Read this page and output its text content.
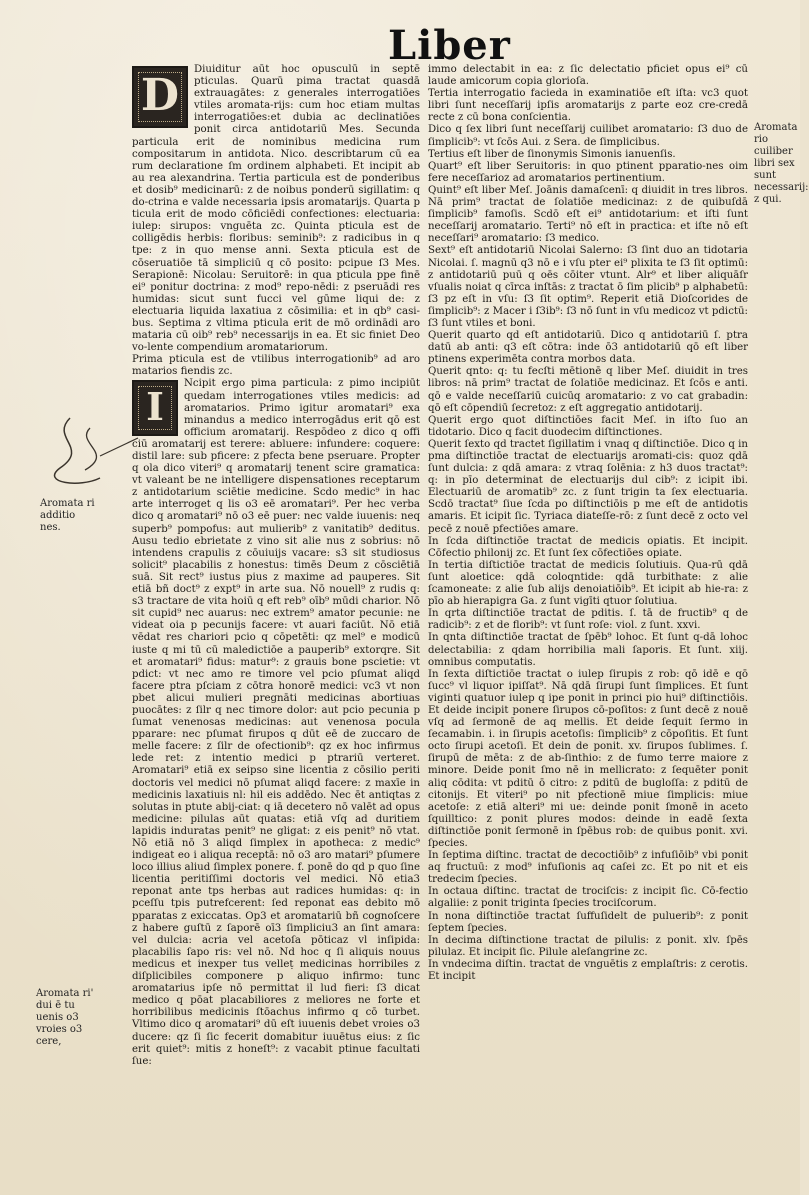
Liber
Aromata rio cuiliber libri sex sunt necessarij: z qui.
Aromata ri additio nes.
Aromata ri' dui ē tu uenis o3 vroies o3 cere,
D

Diuiditur aūt hoc opusculū in septē pticulas. Quarū pima tractat quasdā extrauagātes: z generales interrogatiōes vtiles aromata-rijs: cum hoc etiam multas interrogatiōes:et dubia ac declinatiōes ponit circa antidotariū Mes. Secunda particula erit de nominibus medicina rum compositarum in antidota. Nico. describtarum cū ea rum declaratione ſm ordinem alphabeti. Et incipit ab au rea alexandrina. Tertia particula est de ponderibus et dosib⁹ medicinarū: z de noibus ponderū sigillatim: q do-ctrina e valde necessaria ipsis aromatarijs. Quarta p ticula erit de modo cōficiēdi confectiones: electuaria: iulep: sirupos: vnguēta zc. Quinta pticula est de colligēdis herbis: floribus: seminib⁹: z radicibus in q tpe: z in quo mense anni. Sexta pticula est de cōseruatiōe tā simpliciū q cō posito: pcipue ſ3 Mes. Serapionē: Nicolau: Seruitorē: in qua pticula ppe finē ei⁹ ponitur doctrina: z mod⁹ repo-nēdi: z pseruādi res humidas: sicut sunt fucci vel gūme liqui de: z electuaria liquida laxatiua z cōsimilia: et in qb⁹ casi-bus. Septima z vltima pticula erit de mō ordinādi aro mataria cū oib⁹ reb⁹ necessarijs in ea. Et sic finiet Deo vo-lente compendium aromatariorum.

Prima pticula est de vtilibus interrogationib⁹ ad aro matarios fiendis zc.

I

Ncipit ergo pima particula: z pimo incipiūt quedam interrogationes vtiles medicis: ad aromatarios. Primo igitur aromatari⁹ exa minandus a medico interrogādus erit qō est officium aromatarij. Respōdeo z dico q offi ciū aromatarij est terere: abluere: infundere: coquere: distil lare: sub pficere: z pfecta bene pseruare. Propter q ola dico viteri⁹ q aromatarij tenent scire gramatica: vt valeant be ne intelligere dispensationes receptarum z antidotarium sciētie medicine. Scdo medic⁹ in hac arte interroget q lis o3 eē aromatari⁹. Per hec verba dico q aromatari⁹ nō o3 eē puer: nec valde iuuenis: neq superb⁹ pompofus: aut mulierib⁹ z vanitatib⁹ deditus. Ausu tedio ebrietate z vino sit alie nus z sobrius: nō intendens crapulis z cōuiuijs vacare: s3 sit studiosus solicit⁹ placabilis z honestus: timēs Deum z cōsciētiā suā. Sit rect⁹ iustus pius z maxime ad pauperes. Sit etiā bñ doct⁹ z expt⁹ in arte sua. Nō nouell⁹ z rudis q: s3 tractare de vita hoiū q eft reb⁹ oīb⁹ mūdi charior. Nō sit cupid⁹ nec auarus: nec extrem⁹ amator pecunie: ne videat oia p pecunijs facere: vt auari faciūt. Nō etiā vēdat res chariori pcio q cōpetēti: qz mel⁹ e modicū iuste q mi tū cū maledictiōe a pauperib⁹ extorqre. Sit et aromatari⁹ fidus: matur⁹: z grauis bone pscietie: vt pdict: vt nec amo re timore vel pcio pſumat aliqd facere ptra pſciam z cōtra honorē medici: vc3 vt non pbet alicui mulieri pregnāti medicinas abortiuas puocātes: z ſilr q nec timore dolor: aut pcio pecunia p ſumat venenosas medicinas: aut venenosa pocula pparare: nec pſumat firupos q dūt eē de zuccaro de melle facere: z ſilr de ofectionib⁹: qz ex hoc infirmus lede ret: z intentio medici p ptrariū verteret. Aromatari⁹ etiā ex seipso sine licentia z cōsilio periti doctoris vel medici nō pſumat aliqd facere: z maxīe in medicinis laxatiuis nl: hil eis addēdo. Nec ēt antiqtas z solutas in ptute abij-ciat: q iā decetero nō valēt ad opus medicine: pilulas aūt quatas: etiā vſq ad duritiem lapidis induratas penit⁹ ne gligat: z eis penit⁹ nō vtat. Nō etiā nō 3 aliqd ſimplex in apotheca: z medic⁹ indigeat eo i aliqua receptā: nō o3 aro matari⁹ pſumere loco illius aliud ſimplex ponere. f. ponē do qd p quo ſine licentia peritiſſimi doctoris vel medici. Nō etia3 reponat ante tps herbas aut radices humidas: q: in pceſſu tpis putrefcerent: ſed reponat eas debito mō pparatas z exiccatas. Op3 et aromatariū bñ cognoſcere z habere guſtū z ſaporē oī3 ſimpliciu3 an ſint amara: vel dulcia: acria vel acetoſa pōticaz vl inſipida: placabilis ſapo ris: vel nō. Nd hoc q ſi aliquis nouus medicus et inexper tus velleṭ medicinas horribiles z diſplicibiles componere p aliquo infirmo: tunc aromatarius ipſe nō permittat il lud fieri: ſ3 dicat medico q pōat placabiliores z meliores ne forte et horribilibus medicinis ſtōachus infirmo q cō turbet. Vltimo dico q aromatari⁹ dū eſt iuuenis debet vroies o3 ducere: qz ſi ſic fecerit domabitur iuuētus eius: z ſic erit quiet⁹: mitis z honeſt⁹: z vacabit ptinue facultati ſue:

immo delectabit in ea: z ſic delectatio pficiet opus ei⁹ cū laude amicorum copia glorioſa.

Tertia interrogatio facieda in examinatiōe eſt iſta: vc3 quot libri ſunt neceſſarij ipſis aromatarijs z parte eoz cre-credā recte z cū bona conſcientia.

Dico q ſex libri ſunt neceſſarij cuilibet aromatario: ſ3 duo de ſimplicib⁹: vt ſcōs Aui. z Sera. de ſimplicibus.

Tertius eſt liber de ſinonymis Simonis ianuenſis.

Quart⁹ eſt liber Seruitoris: in quo ptinent pparatio-nes oim fere neceſſarioz ad aromatarios pertinentium.

Quint⁹ eſt liber Meſ. Joānis damaſcenī: q diuidit in tres libros. Nā prim⁹ tractat de ſolatiōe medicinaz: z de quibuſdā ſimplicib⁹ famoſis. Scdō eſt ei⁹ antidotarium: et iſti ſunt neceſſarij aromatario. Terti⁹ nō eſt in practica: et iſte nō eſt neceſſari⁹ aromatario: ſ3 medico.

Sext⁹ eſt antidotariū Nicolai Salerno: ſ3 ſint duo an tidotaria Nicolai. ſ. magnū q3 nō e i vſu pter ei⁹ plixita te ſ3 ſit optimū: z antidotariū puū q oēs cōiter vtunt. Alr⁹ et liber aliquāſr vſualis noiat q cīrca inſtās: z tractat ō ſim plicib⁹ p alphabetū: ſ3 pz eſt in vſu: ſ3 ſit optim⁹. Reperit etiā Dioſcorides de ſimplicib⁹: z Macer i ſ3ib⁹: ſ3 nō ſunt in vſu medicoz vt pdictū: ſ3 ſunt vtiles et boni.

Querit quarto qd eſt antidotariū. Dico q antidotariū ſ. ptra datū ab anti: q3 eſt cōtra: inde ō3 antidotariū qō eſt liber ptinens experimēta contra morbos data.

Querit qnto: q: tu fecſti mētionē q liber Meſ. diuidit in tres libros: nā prim⁹ tractat de ſolatiōe medicinaz. Et ſcōs e anti. qō e valde neceſſariū cuicūq aromatario: z vo cat grabadin: qō eſt cōpendiū ſecretoz: z eſt aggregatio antidotarij.

Querit ergo quot diſtinctiōes facit Meſ. in iſto ſuo an tidotario. Dico q facit duodecim diſtinctiones.

Querit ſexto qd tractet ſigillatim i vnaq q diſtinctiōe. Dico q in pma diſtinctiōe tractat de electuarijs aromati-cis: quoz qdā ſunt dulcia: z qdā amara: z vtraq ſolēnia: z h3 duos tractat⁹: q: in pīo determinat de electuarijs dul cib⁹: z icipit ibi. Electuariū de aromatib⁹ zc. z ſunt trigin ta ſex electuaria. Scdō tractat⁹ ſiue ſcda po diſtinctiōis p me eſt de antidotis amaris. Et icipit ſic. Tyriaca diateſſe-rō: z ſunt decē z octo vel pecē z nouē pfectiōes amare.

In ſcda diſtinctiōe tractat de medicis opiatis. Et incipit. Cōfectio philonij zc. Et ſunt ſex cōfectiōes opiate.

In tertia diſtictiōe tractat de medicis ſolutiuis. Qua-rū qdā ſunt aloetice: qdā coloqntide: qdā turbithate: z alie ſcamoneate: z alie ſub alijs denoiatiōib⁹. Et icipit ab hie-ra: z pīo ab hierapigra Ga. z ſunt vigīti qtuor ſolutiua.

In qrta diſtinctiōe tractat de pditis. ſ. tā de fructib⁹ q de radicib⁹: z et de florib⁹: vt ſunt roſe: viol. z ſunt. xxvi.

In qnta diſtinctiōe tractat de ſpēb⁹ lohoc. Et ſunt q-dā lohoc delectabilia: z qdam horribilia mali ſaporis. Et ſunt. xiij. omnibus computatis.

In ſexta diſtictiōe tractat o iulep ſirupis z rob: qō idē e qō ſucc⁹ vl liquor ipiſſat⁹. Nā qdā ſirupi ſunt ſimplices. Et ſunt viginti quatuor iulep q ipe ponit in princi pio hui⁹ diſtinctiōis. Et deide incipit ponere ſirupos cō-poſitos: z ſunt decē z nouē vſq ad ſermonē de aq mellis. Et deide ſequit ſermo in ſecamabin. i. in ſirupis acetoſis: ſimplicib⁹ z cōpoſitis. Et ſunt octo ſirupi acetoſi. Et dein de ponit. xv. ſirupos ſublimes. ſ. ſirupū de mēta: z de ab-ſinthio: z de fumo terre maiore z minore. Deide ponit ſmo nē in mellicrato: z ſequēter ponit aliq cōdita: vt pditū ō citro: z pditū de bugloſſa: z pditū de citonijs. Et viteri⁹ po nit pfectionē miue ſimplicis: miue acetoſe: z etiā alteri⁹ mi ue: deinde ponit ſmonē in aceto ſquilltico: z ponit plures modos: deinde in eadē ſexta diſtinctiōe ponit ſermonē in ſpēbus rob: de quibus ponit. xvi. ſpecies.

In ſeptima diſtinc. tractat de decoctiōib⁹ z infuſiōib⁹ vbi ponit aq fructuū: z mod⁹ infuſionis aq caſei zc. Et po nit et eis tredecim ſpecies.

In octaua diſtinc. tractat de trociſcis: z incipit ſic. Cō-fectio algaliie: z ponit triginta ſpecies trociſcorum.

In nona diſtinctiōe tractat ſuffuſidelt de puluerib⁹: z ponit ſeptem ſpecies.

In decima diſtinctione tractat de pilulis: z ponit. xlv. ſpēs pilulaz. Et incipit ſic. Pilule aleſangrine zc.

In vndecima diſtin. tractat de vnguētis z emplaſtris: z cerotis. Et incipit
